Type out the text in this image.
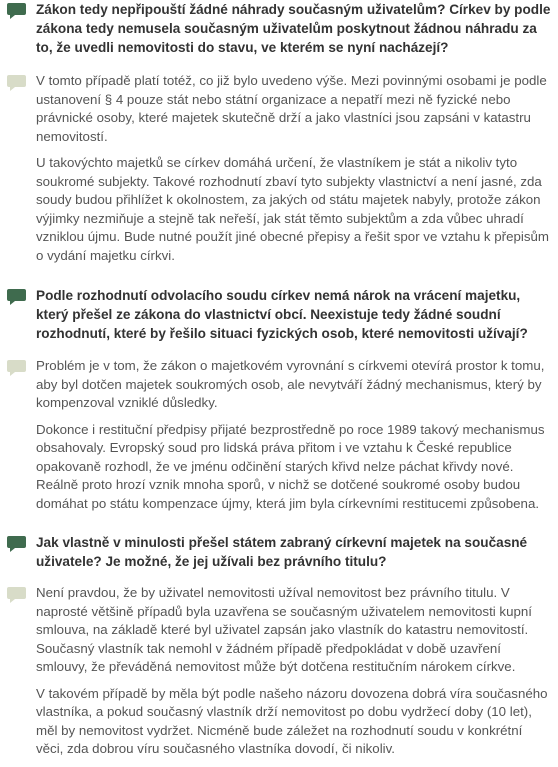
Zákon tedy nepřipouští žádné náhrady současným uživatelům? Církev by podle zákona tedy nemusela současným uživatelům poskytnout žádnou náhradu za to, že uvedli nemovitosti do stavu, ve kterém se nyní nacházejí?

V tomto případě platí totéž, co již bylo uvedeno výše. Mezi povinnými osobami je podle ustanovení § 4 pouze stát nebo státní organizace a nepatří mezi ně fyzické nebo právnické osoby, které majetek skutečně drží a jako vlastníci jsou zapsáni v katastru nemovitostí.

U takovýchto majetků se církev domáhá určení, že vlastníkem je stát a nikoliv tyto soukromé subjekty. Takové rozhodnutí zbaví tyto subjekty vlastnictví a není jasné, zda soudy budou přihlížet k okolnostem, za jakých od státu majetek nabyly, protože zákon výjimky nezmiňuje a stejně tak neřeší, jak stát těmto subjektům a zda vůbec uhradí vzniklou újmu. Bude nutné použít jiné obecné přepisy a řešit spor ve vztahu k přepisům o vydání majetku církvi.

Podle rozhodnutí odvolacího soudu církev nemá nárok na vrácení majetku, který přešel ze zákona do vlastnictví obcí. Neexistuje tedy žádné soudní rozhodnutí, které by řešilo situaci fyzických osob, které nemovitosti užívají?

Problém je v tom, že zákon o majetkovém vyrovnání s církvemi otevírá prostor k tomu, aby byl dotčen majetek soukromých osob, ale nevytváří žádný mechanismus, který by kompenzoval vzniklé důsledky.

Dokonce i restituční předpisy přijaté bezprostředně po roce 1989 takový mechanismus obsahovaly. Evropský soud pro lidská práva přitom i ve vztahu k České republice opakovaně rozhodl, že ve jménu odčinění starých křivd nelze páchat křivdy nové. Reálně proto hrozí vznik mnoha sporů, v nichž se dotčené soukromé osoby budou domáhat po státu kompenzace újmy, která jim byla církevními restitucemi způsobena.

Jak vlastně v minulosti přešel státem zabraný církevní majetek na současné uživatele? Je možné, že jej užívali bez právního titulu?

Není pravdou, že by uživatel nemovitosti užíval nemovitost bez právního titulu. V naprosté většině případů byla uzavřena se současným uživatelem nemovitosti kupní smlouva, na základě které byl uživatel zapsán jako vlastník do katastru nemovitostí. Současný vlastník tak nemohl v žádném případě předpokládat v době uzavření smlouvy, že převáděná nemovitost může být dotčena restitučním nárokem církve.

V takovém případě by měla být podle našeho názoru dovozena dobrá víra současného vlastníka, a pokud současný vlastník drží nemovitost po dobu vydržecí doby (10 let), měl by nemovitost vydržet. Nicméně bude záležet na rozhodnutí soudu v konkrétní věci, zda dobrou víru současného vlastníka dovodí, či nikoliv.
